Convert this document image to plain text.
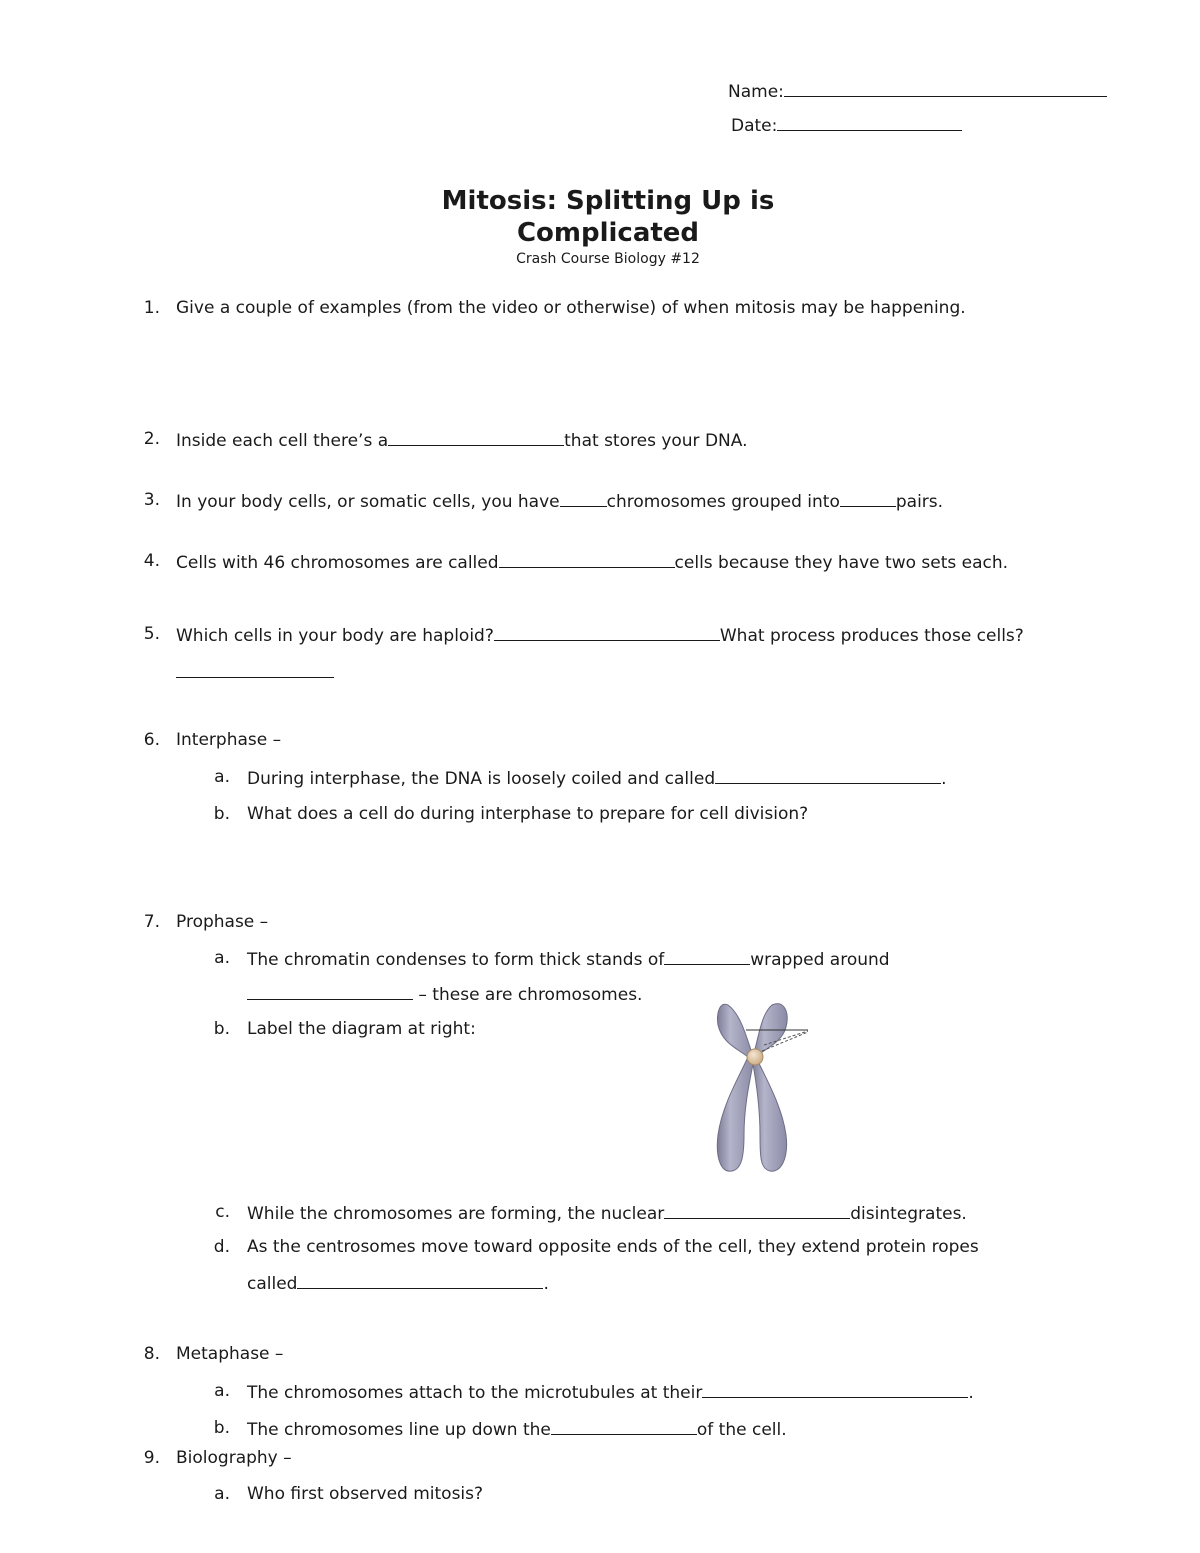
Name:
Date:
Mitosis: Splitting Up is
Complicated
Crash Course Biology #12
1. Give a couple of examples (from the video or otherwise) of when mitosis may be happening.
2. Inside each cell there’s a	that stores your DNA.
3. In your body cells, or somatic cells, you have	chromosomes grouped into	pairs.
4. Cells with 46 chromosomes are called	cells because they have two sets each.
5. Which cells in your body are haploid?	What process produces those cells?
6. Interphase –
a. During interphase, the DNA is loosely coiled and called	.
b. What does a cell do during interphase to prepare for cell division?
7. Prophase –
a. The chromatin condenses to form thick stands of	wrapped around
– these are chromosomes.
b. Label the diagram at right:
c. While the chromosomes are forming, the nuclear	disintegrates.
d. As the centrosomes move toward opposite ends of the cell, they extend protein ropes
called	.
8. Metaphase –
a. The chromosomes attach to the microtubules at their	.
b. The chromosomes line up down the	of the cell.
9. Biolography –
a. Who first observed mitosis?
